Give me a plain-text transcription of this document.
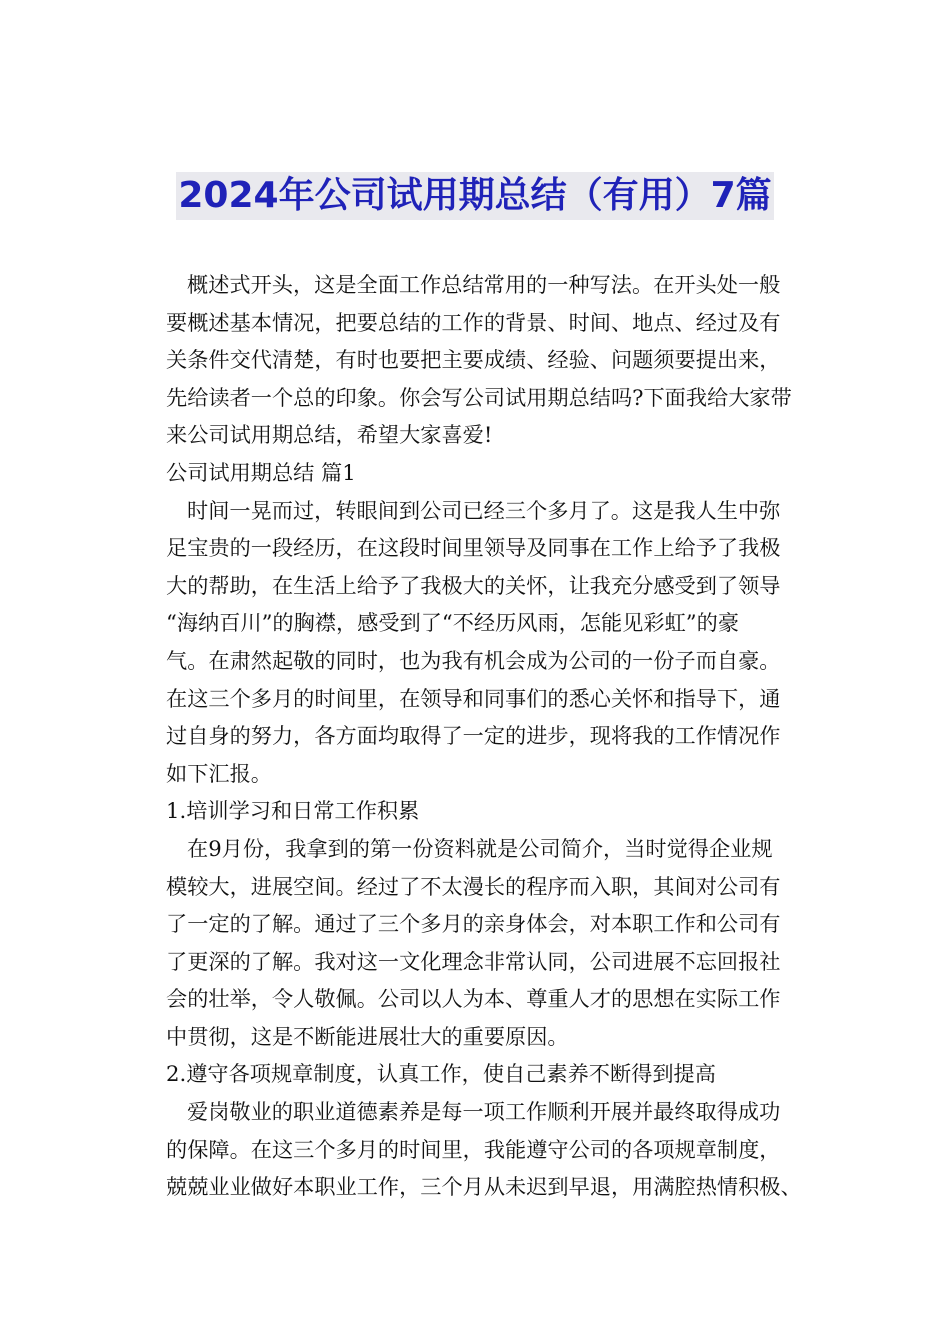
2024年公司试用期总结（有用）7篇
概述式开头，这是全面工作总结常用的一种写法。在开头处一般
要概述基本情况，把要总结的工作的背景、时间、地点、经过及有
关条件交代清楚，有时也要把主要成绩、经验、问题须要提出来，
先给读者一个总的印象。你会写公司试用期总结吗?下面我给大家带
来公司试用期总结，希望大家喜爱!
公司试用期总结 篇1
时间一晃而过，转眼间到公司已经三个多月了。这是我人生中弥
足宝贵的一段经历，在这段时间里领导及同事在工作上给予了我极
大的帮助，在生活上给予了我极大的关怀，让我充分感受到了领导
“海纳百川”的胸襟，感受到了“不经历风雨，怎能见彩虹”的豪
气。在肃然起敬的同时，也为我有机会成为公司的一份子而自豪。
在这三个多月的时间里，在领导和同事们的悉心关怀和指导下，通
过自身的努力，各方面均取得了一定的进步，现将我的工作情况作
如下汇报。
1.培训学习和日常工作积累
在9月份，我拿到的第一份资料就是公司简介，当时觉得企业规
模较大，进展空间。经过了不太漫长的程序而入职，其间对公司有
了一定的了解。通过了三个多月的亲身体会，对本职工作和公司有
了更深的了解。我对这一文化理念非常认同，公司进展不忘回报社
会的壮举，令人敬佩。公司以人为本、尊重人才的思想在实际工作
中贯彻，这是不断能进展壮大的重要原因。
2.遵守各项规章制度，认真工作，使自己素养不断得到提高
爱岗敬业的职业道德素养是每一项工作顺利开展并最终取得成功
的保障。在这三个多月的时间里，我能遵守公司的各项规章制度，
兢兢业业做好本职业工作，三个月从未迟到早退，用满腔热情积极、
